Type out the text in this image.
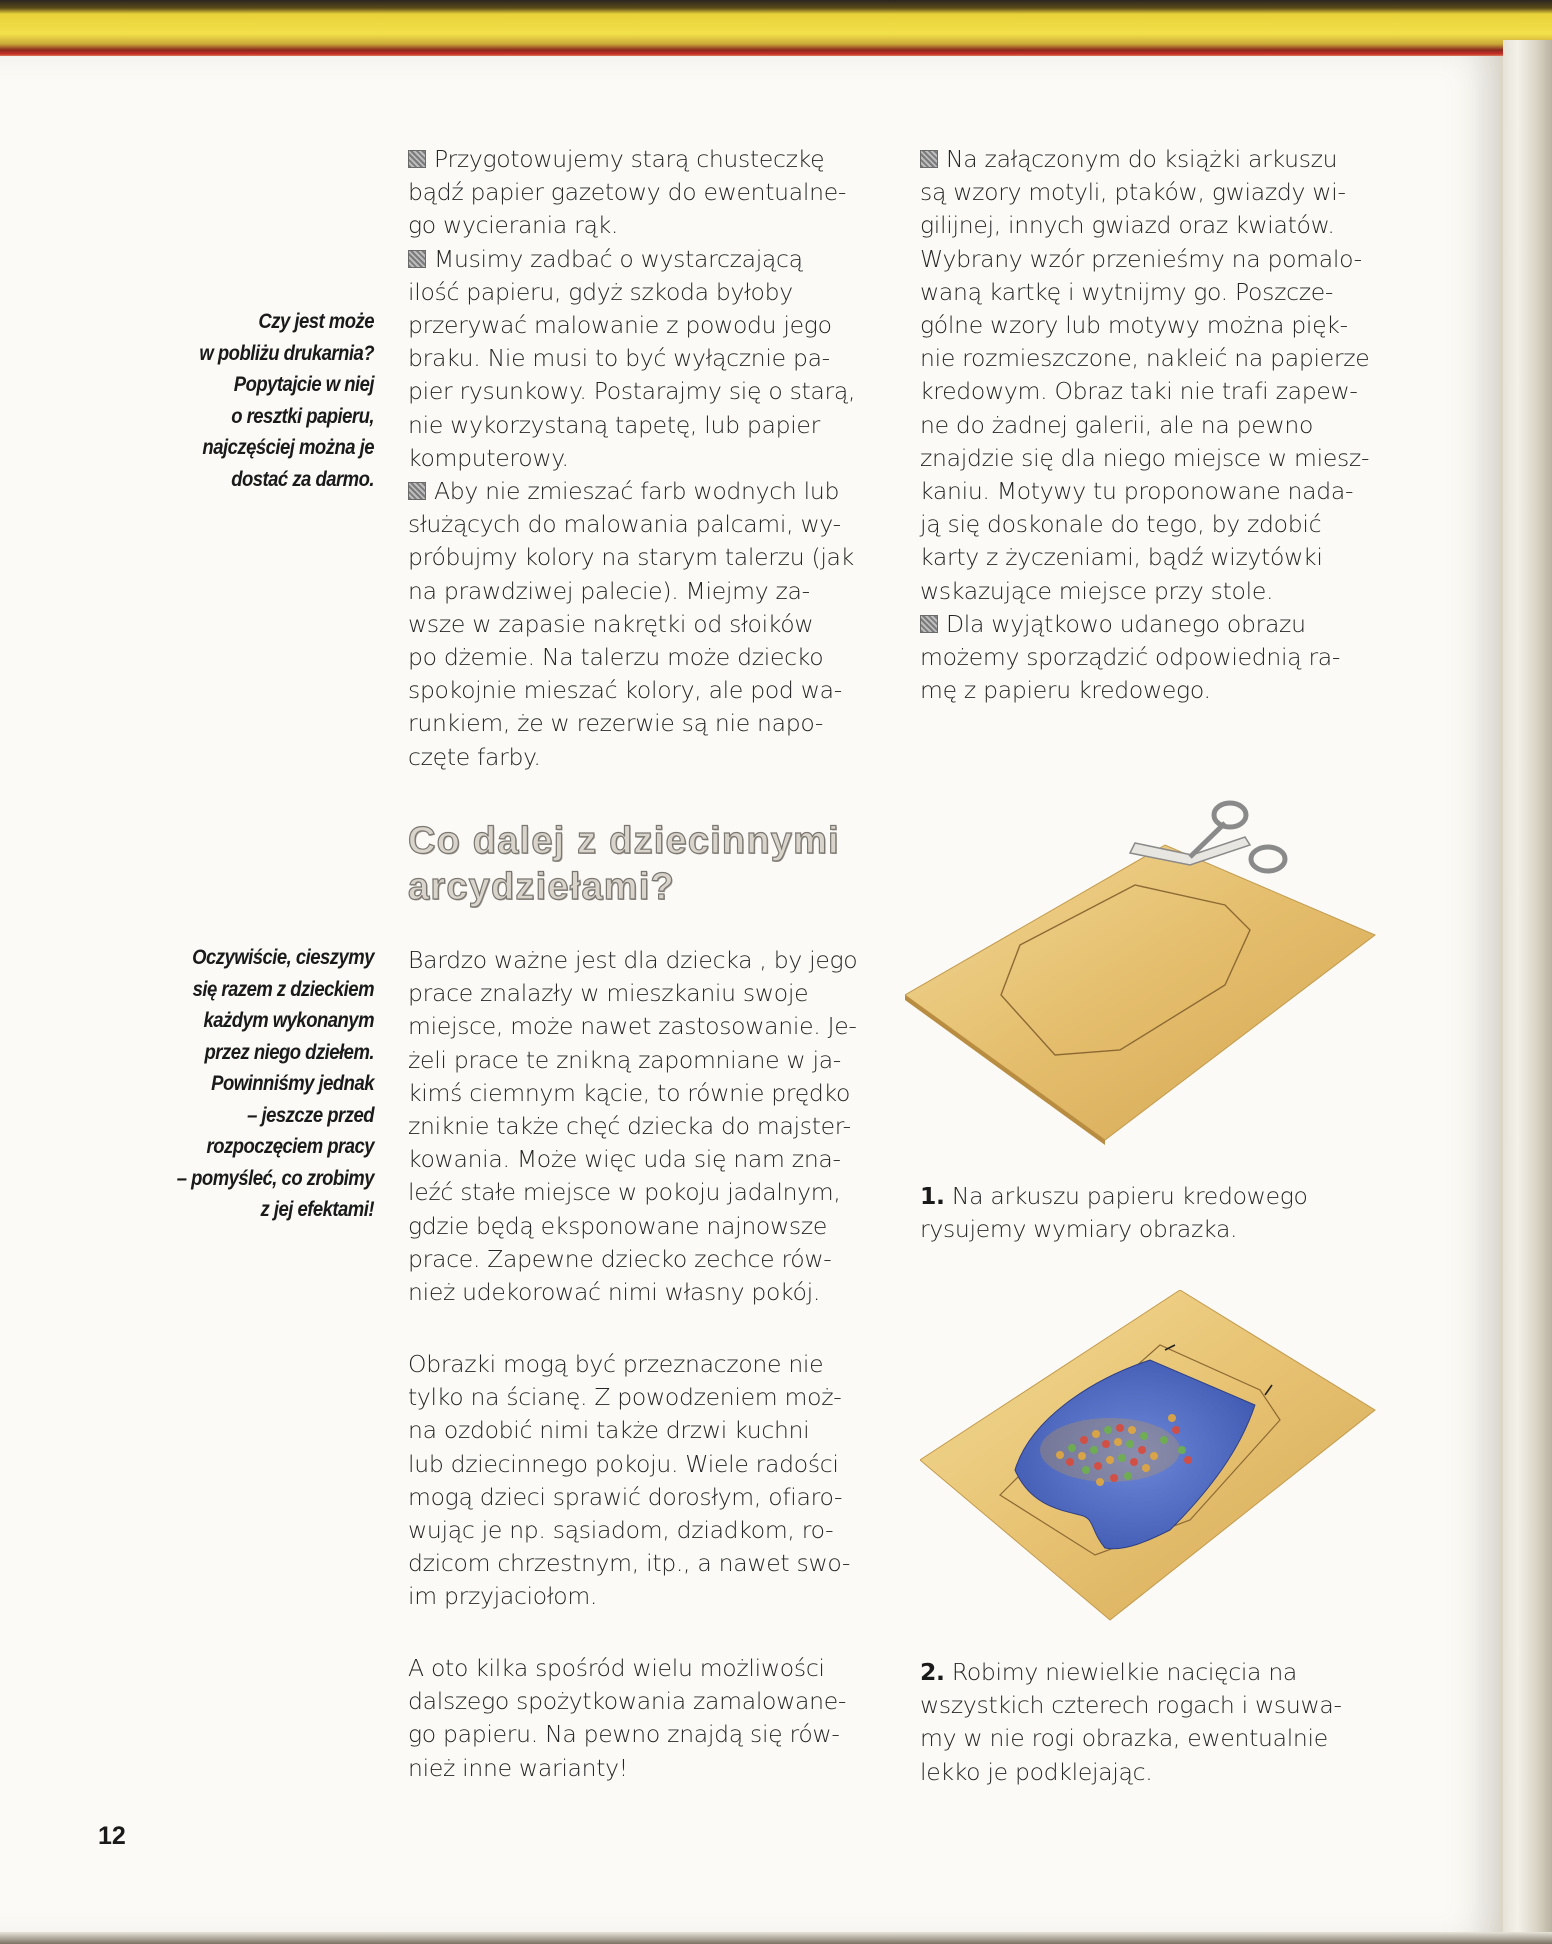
Czy jest może
w pobliżu drukarnia?
Popytajcie w niej
o resztki papieru,
najczęściej można je
dostać za darmo.
Oczywiście, cieszymy
się razem z dzieckiem
każdym wykonanym
przez niego dziełem.
Powinniśmy jednak
– jeszcze przed
rozpoczęciem pracy
– pomyśleć, co zrobimy
z jej efektami!

Przygotowujemy starą chusteczkę
bądź papier gazetowy do ewentualne-
go wycierania rąk.

Musimy zadbać o wystarczającą
ilość papieru, gdyż szkoda byłoby
przerywać malowanie z powodu jego
braku. Nie musi to być wyłącznie pa-
pier rysunkowy. Postarajmy się o starą,
nie wykorzystaną tapetę, lub papier
komputerowy.

Aby nie zmieszać farb wodnych lub
służących do malowania palcami, wy-
próbujmy kolory na starym talerzu (jak
na prawdziwej palecie). Miejmy za-
wsze w zapasie nakrętki od słoików
po dżemie. Na talerzu może dziecko
spokojnie mieszać kolory, ale pod wa-
runkiem, że w rezerwie są nie napo-
częte farby.

Co dalej z dziecinnymi
arcydziełami?
Bardzo ważne jest dla dziecka , by jego
prace znalazły w mieszkaniu swoje
miejsce, może nawet zastosowanie. Je-
żeli prace te znikną zapomniane w ja-
kimś ciemnym kącie, to równie prędko
zniknie także chęć dziecka do majster-
kowania. Może więc uda się nam zna-
leźć stałe miejsce w pokoju jadalnym,
gdzie będą eksponowane najnowsze
prace. Zapewne dziecko zechce rów-
nież udekorować nimi własny pokój.
Obrazki mogą być przeznaczone nie
tylko na ścianę. Z powodzeniem moż-
na ozdobić nimi także drzwi kuchni
lub dziecinnego pokoju. Wiele radości
mogą dzieci sprawić dorosłym, ofiaro-
wując je np. sąsiadom, dziadkom, ro-
dzicom chrzestnym, itp., a nawet swo-
im przyjaciołom.
A oto kilka spośród wielu możliwości
dalszego spożytkowania zamalowane-
go papieru. Na pewno znajdą się rów-
nież inne warianty!

Na załączonym do książki arkuszu
są wzory motyli, ptaków, gwiazdy wi-
gilijnej, innych gwiazd oraz kwiatów.
Wybrany wzór przenieśmy na pomalo-
waną kartkę i wytnijmy go. Poszcze-
gólne wzory lub motywy można pięk-
nie rozmieszczone, nakleić na papierze
kredowym. Obraz taki nie trafi zapew-
ne do żadnej galerii, ale na pewno
znajdzie się dla niego miejsce w miesz-
kaniu. Motywy tu proponowane nada-
ją się doskonale do tego, by zdobić
karty z życzeniami, bądź wizytówki
wskazujące miejsce przy stole.

Dla wyjątkowo udanego obrazu
możemy sporządzić odpowiednią ra-
mę z papieru kredowego.

1. Na arkuszu papieru kredowego
rysujemy wymiary obrazka.
2. Robimy niewielkie nacięcia na
wszystkich czterech rogach i wsuwa-
my w nie rogi obrazka, ewentualnie
lekko je podklejając.
12
